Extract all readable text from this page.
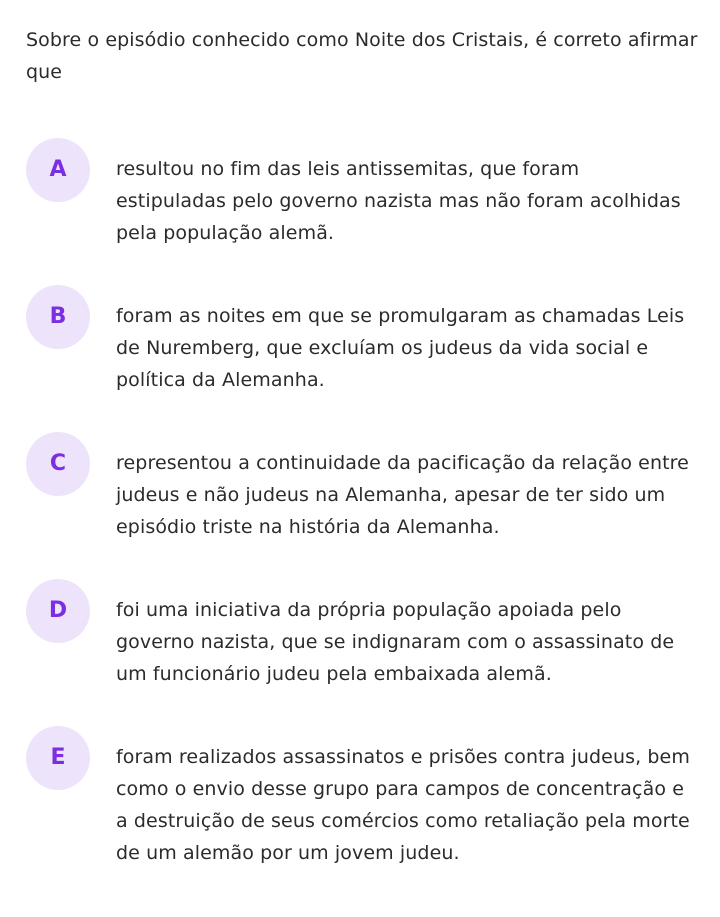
Sobre o episódio conhecido como Noite dos Cristais, é correto afirmar que

A	resultou no fim das leis antissemitas, que foram estipuladas pelo governo nazista mas não foram acolhidas pela população alemã.

B	foram as noites em que se promulgaram as chamadas Leis de Nuremberg, que excluíam os judeus da vida social e política da Alemanha.

C	representou a continuidade da pacificação da relação entre judeus e não judeus na Alemanha, apesar de ter sido um episódio triste na história da Alemanha.

D	foi uma iniciativa da própria população apoiada pelo governo nazista, que se indignaram com o assassinato de um funcionário judeu pela embaixada alemã.

E	foram realizados assassinatos e prisões contra judeus, bem como o envio desse grupo para campos de concentração e a destruição de seus comércios como retaliação pela morte de um alemão por um jovem judeu.
